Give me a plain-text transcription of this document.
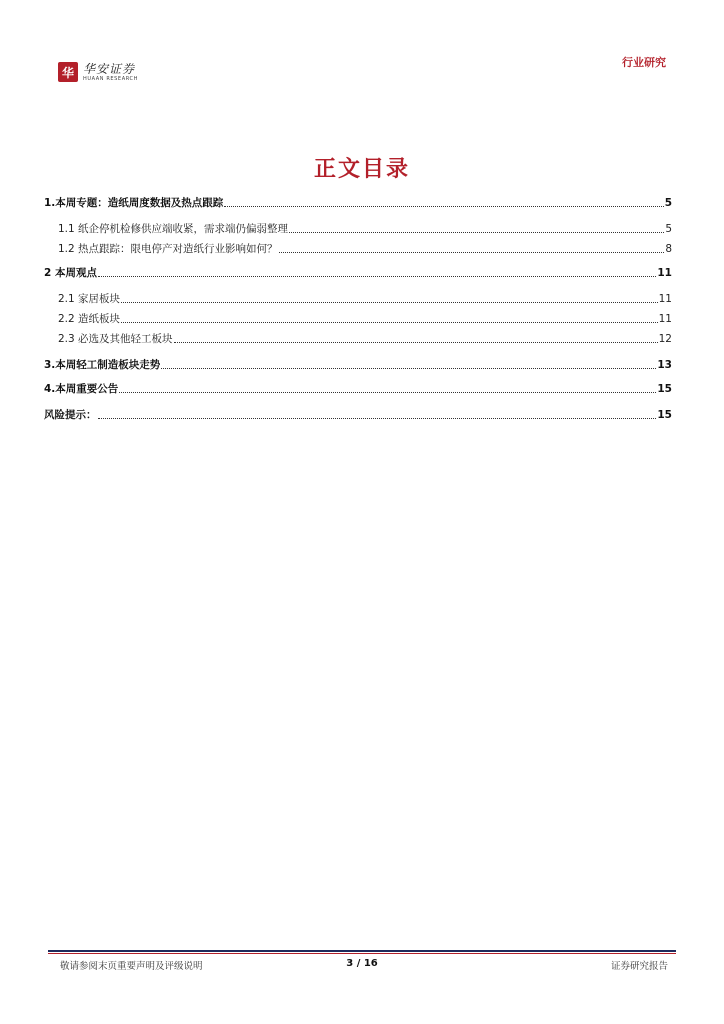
华 华安证券
HUAAN RESEARCH
行业研究
正文目录
1.本周专题：造纸周度数据及热点跟踪	5
1.1 纸企停机检修供应端收紧，需求端仍偏弱整理	5
1.2 热点跟踪：限电停产对造纸行业影响如何？	8
2 本周观点	11
2.1 家居板块	11
2.2 造纸板块	11
2.3 必选及其他轻工板块	12
3.本周轻工制造板块走势	13
4.本周重要公告	15
风险提示：	15
敬请参阅末页重要声明及评级说明	3 / 16	证券研究报告
